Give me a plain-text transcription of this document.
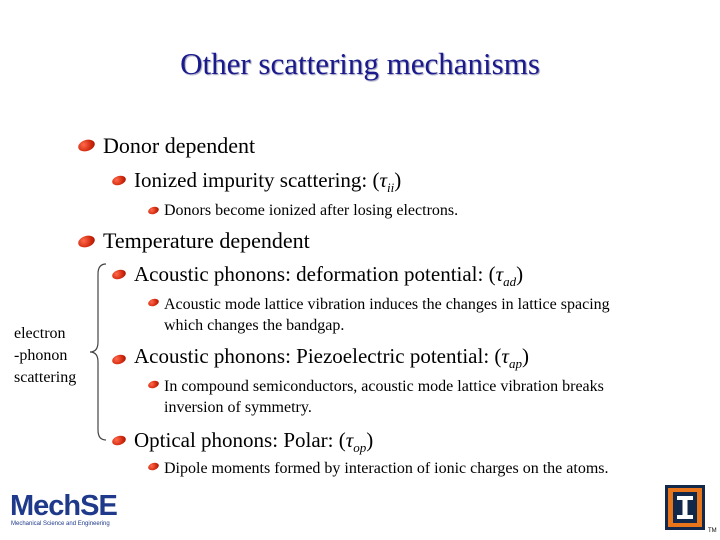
Other scattering mechanisms
Donor dependent
Ionized impurity scattering: $(\tau_{ii})$
Donors become ionized after losing electrons.
Temperature dependent
Acoustic phonons: deformation potential: $(\tau_{ad})$
Acoustic mode lattice vibration induces the changes in lattice spacing
which changes the bandgap.
Acoustic phonons: Piezoelectric potential: $(\tau_{ap})$
In compound semiconductors, acoustic mode lattice vibration breaks
inversion of symmetry.
Optical phonons: Polar: $(\tau_{op})$
Dipole moments formed by interaction of ionic charges on the atoms.
electron
-phonon
scattering
MechSE
Mechanical Science and Engineering
TM
